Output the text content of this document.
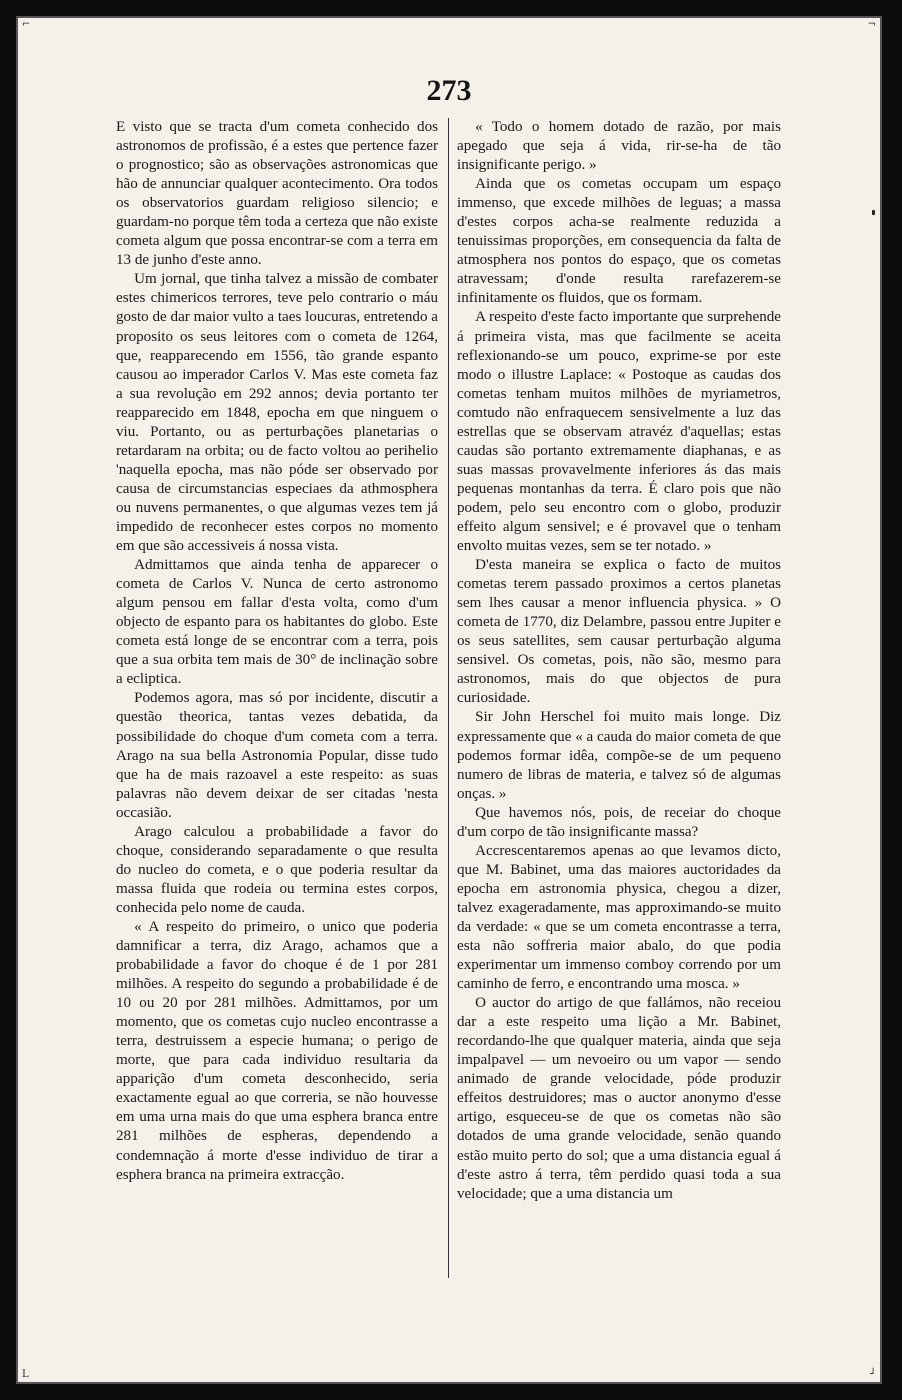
⌐	¬
L	┘
273

E visto que se tracta d'um cometa conhecido dos astronomos de profissão, é a estes que pertence fazer o prognostico; são as observações astronomicas que hão de annunciar qualquer acontecimento. Ora todos os observatorios guardam religioso silencio; e guardam-no porque têm toda a certeza que não existe cometa algum que possa encontrar-se com a terra em 13 de junho d'este anno.

Um jornal, que tinha talvez a missão de combater estes chimericos terrores, teve pelo contrario o máu gosto de dar maior vulto a taes loucuras, entretendo a proposito os seus leitores com o cometa de 1264, que, reapparecendo em 1556, tão grande espanto causou ao imperador Carlos V. Mas este cometa faz a sua revolução em 292 annos; devia portanto ter reapparecido em 1848, epocha em que ninguem o viu. Portanto, ou as perturbações planetarias o retardaram na orbita; ou de facto voltou ao perihelio 'naquella epocha, mas não póde ser observado por causa de circumstancias especiaes da athmosphera ou nuvens permanentes, o que algumas vezes tem já impedido de reconhecer estes corpos no momento em que são accessiveis á nossa vista.

Admittamos que ainda tenha de apparecer o cometa de Carlos V. Nunca de certo astronomo algum pensou em fallar d'esta volta, como d'um objecto de espanto para os habitantes do globo. Este cometa está longe de se encontrar com a terra, pois que a sua orbita tem mais de 30° de inclinação sobre a ecliptica.

Podemos agora, mas só por incidente, discutir a questão theorica, tantas vezes debatida, da possibilidade do choque d'um cometa com a terra. Arago na sua bella Astronomia Popular, disse tudo que ha de mais razoavel a este respeito: as suas palavras não devem deixar de ser citadas 'nesta occasião.

Arago calculou a probabilidade a favor do choque, considerando separadamente o que resulta do nucleo do cometa, e o que poderia resultar da massa fluida que rodeia ou termina estes corpos, conhecida pelo nome de cauda.

« A respeito do primeiro, o unico que poderia damnificar a terra, diz Arago, achamos que a probabilidade a favor do choque é de 1 por 281 milhões. A respeito do segundo a probabilidade é de 10 ou 20 por 281 milhões. Admittamos, por um momento, que os cometas cujo nucleo encontrasse a terra, destruissem a especie humana; o perigo de morte, que para cada individuo resultaria da apparição d'um cometa desconhecido, seria exactamente egual ao que correria, se não houvesse em uma urna mais do que uma esphera branca entre 281 milhões de espheras, dependendo a condemnação á morte d'esse individuo de tirar a esphera branca na primeira extracção.

« Todo o homem dotado de razão, por mais apegado que seja á vida, rir-se-ha de tão insignificante perigo. »

Ainda que os cometas occupam um espaço immenso, que excede milhões de leguas; a massa d'estes corpos acha-se realmente reduzida a tenuissimas proporções, em consequencia da falta de atmosphera nos pontos do espaço, que os cometas atravessam; d'onde resulta rarefazerem-se infinitamente os fluidos, que os formam.

A respeito d'este facto importante que surprehende á primeira vista, mas que facilmente se aceita reflexionando-se um pouco, exprime-se por este modo o illustre Laplace: « Postoque as caudas dos cometas tenham muitos milhões de myriametros, comtudo não enfraquecem sensivelmente a luz das estrellas que se observam atravéz d'aquellas; estas caudas são portanto extremamente diaphanas, e as suas massas provavelmente inferiores ás das mais pequenas montanhas da terra. É claro pois que não podem, pelo seu encontro com o globo, produzir effeito algum sensivel; e é provavel que o tenham envolto muitas vezes, sem se ter notado. »

D'esta maneira se explica o facto de muitos cometas terem passado proximos a certos planetas sem lhes causar a menor influencia physica. » O cometa de 1770, diz Delambre, passou entre Jupiter e os seus satellites, sem causar perturbação alguma sensivel. Os cometas, pois, não são, mesmo para astronomos, mais do que objectos de pura curiosidade.

Sir John Herschel foi muito mais longe. Diz expressamente que « a cauda do maior cometa de que podemos formar idêa, compõe-se de um pequeno numero de libras de materia, e talvez só de algumas onças. »

Que havemos nós, pois, de receiar do choque d'um corpo de tão insignificante massa?

Accrescentaremos apenas ao que levamos dicto, que M. Babinet, uma das maiores auctoridades da epocha em astronomia physica, chegou a dizer, talvez exageradamente, mas approximando-se muito da verdade: « que se um cometa encontrasse a terra, esta não soffreria maior abalo, do que podia experimentar um immenso comboy correndo por um caminho de ferro, e encontrando uma mosca. »

O auctor do artigo de que fallámos, não receiou dar a este respeito uma lição a Mr. Babinet, recordando-lhe que qualquer materia, ainda que seja impalpavel — um nevoeiro ou um vapor — sendo animado de grande velocidade, póde produzir effeitos destruidores; mas o auctor anonymo d'esse artigo, esqueceu-se de que os cometas não são dotados de uma grande velocidade, senão quando estão muito perto do sol; que a uma distancia egual á d'este astro á terra, têm perdido quasi toda a sua velocidade; que a uma distancia um
